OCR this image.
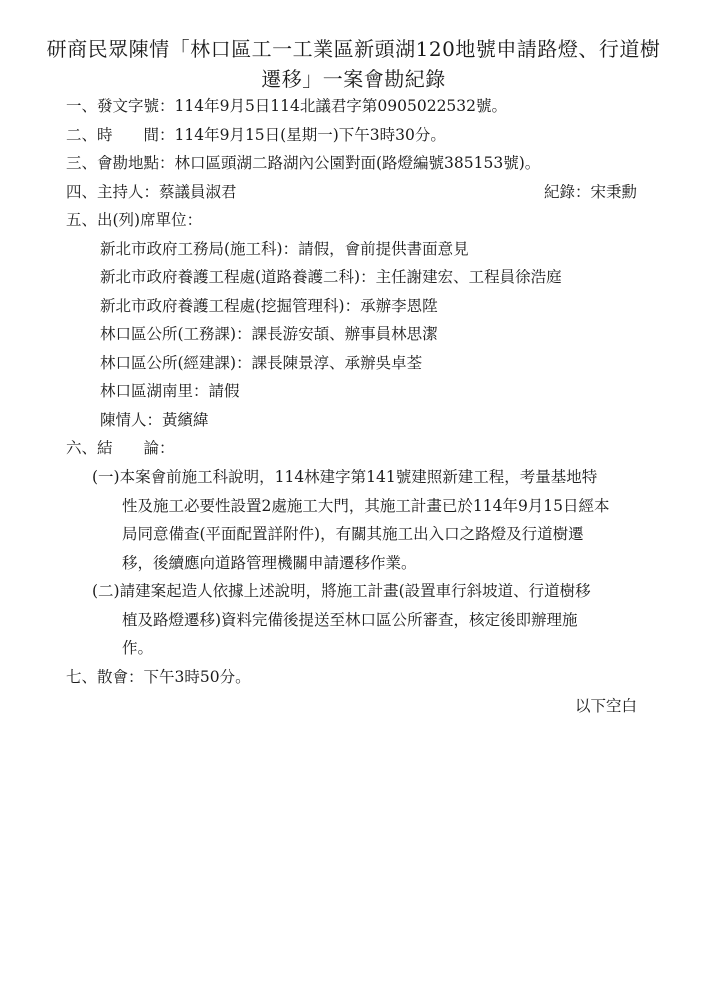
研商民眾陳情「林口區工一工業區新頭湖120地號申請路燈、行道樹
遷移」一案會勘紀錄
一、發文字號：114年9月5日114北議君字第0905022532號。
二、時　　間：114年9月15日(星期一)下午3時30分。
三、會勘地點：林口區頭湖二路湖內公園對面(路燈編號385153號)。
四、主持人：蔡議員淑君	紀錄：宋秉勳
五、出(列)席單位：
新北市政府工務局(施工科)：請假，會前提供書面意見
新北市政府養護工程處(道路養護二科)：主任謝建宏、工程員徐浩庭
新北市政府養護工程處(挖掘管理科)：承辦李恩陞
林口區公所(工務課)：課長游安頡、辦事員林思潔
林口區公所(經建課)：課長陳景淳、承辦吳卓荃
林口區湖南里：請假
陳情人：黃繽緯
六、結　　論：
(一)本案會前施工科說明，114林建字第141號建照新建工程，考量基地特
性及施工必要性設置2處施工大門，其施工計畫已於114年9月15日經本
局同意備查(平面配置詳附件)，有關其施工出入口之路燈及行道樹遷
移，後續應向道路管理機關申請遷移作業。
(二)請建案起造人依據上述說明，將施工計畫(設置車行斜坡道、行道樹移
植及路燈遷移)資料完備後提送至林口區公所審查，核定後即辦理施
作。
七、散會：下午3時50分。
以下空白
